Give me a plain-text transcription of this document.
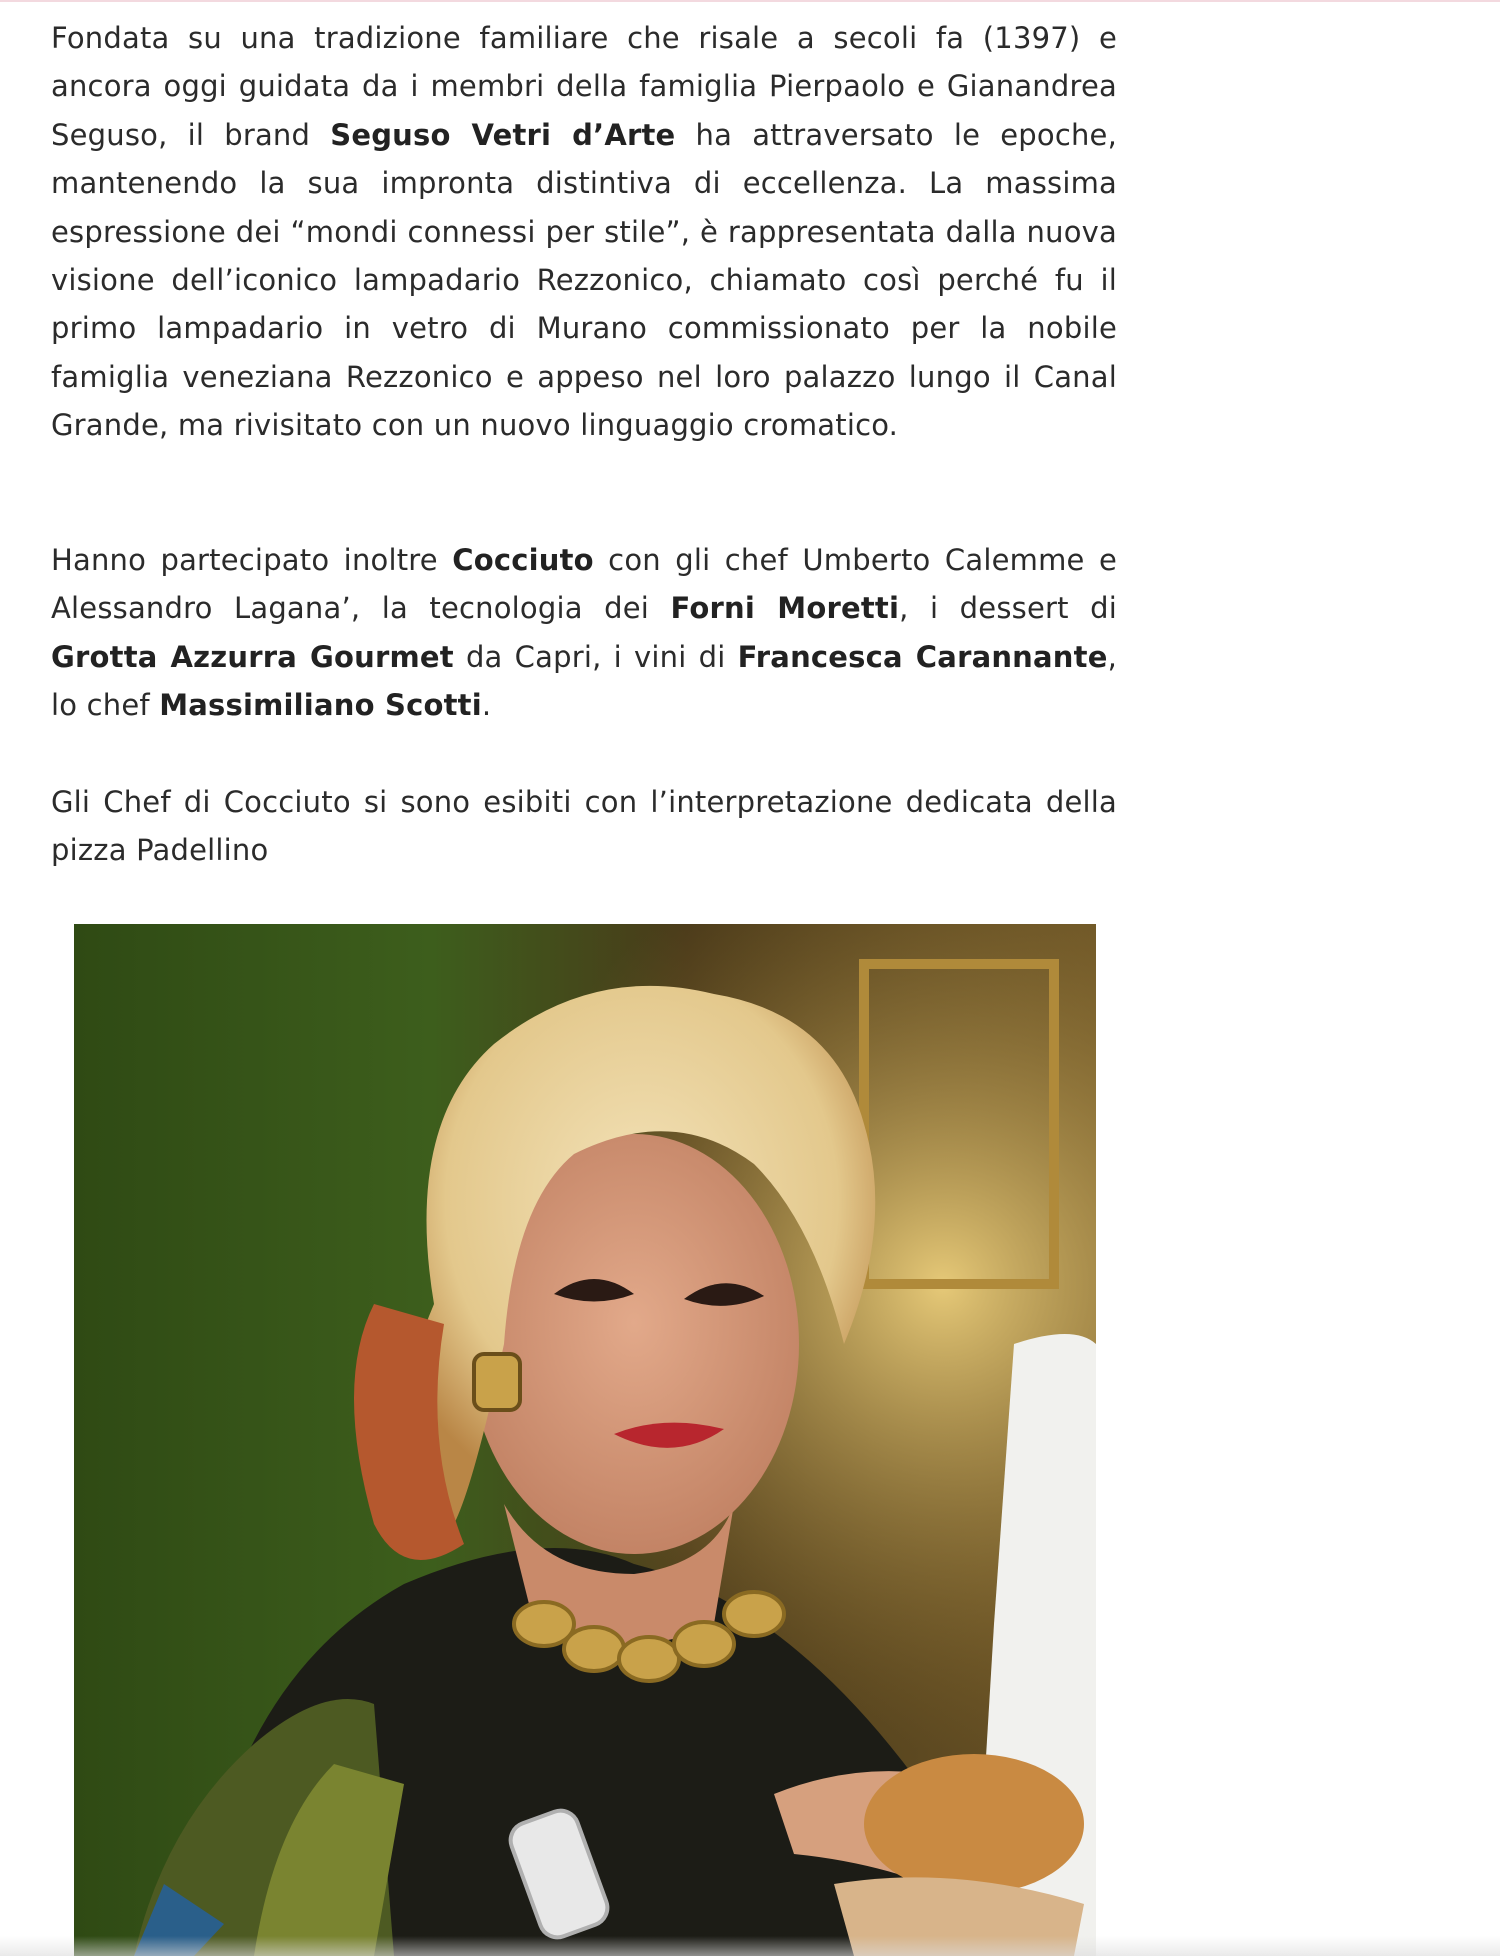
Fondata su una tradizione familiare che risale a secoli fa (1397) e ancora oggi guidata da i membri della famiglia Pierpaolo e Gianandrea Seguso, il brand Seguso Vetri d’Arte ha attraversato le epoche, mantenendo la sua impronta distintiva di eccellenza. La massima espressione dei “mondi connessi per stile”, è rappresentata dalla nuova visione dell’iconico lampadario Rezzonico, chiamato così perché fu il primo lampadario in vetro di Murano commissionato per la nobile famiglia veneziana Rezzonico e appeso nel loro palazzo lungo il Canal Grande, ma rivisitato con un nuovo linguaggio cromatico.

Hanno partecipato inoltre Cocciuto con gli chef Umberto Calemme e Alessandro Lagana’, la tecnologia dei Forni Moretti, i dessert di Grotta Azzurra Gourmet da Capri, i vini di Francesca Carannante, lo chef Massimiliano Scotti.

Gli Chef di Cocciuto si sono esibiti con l’interpretazione dedicata della pizza Padellino
